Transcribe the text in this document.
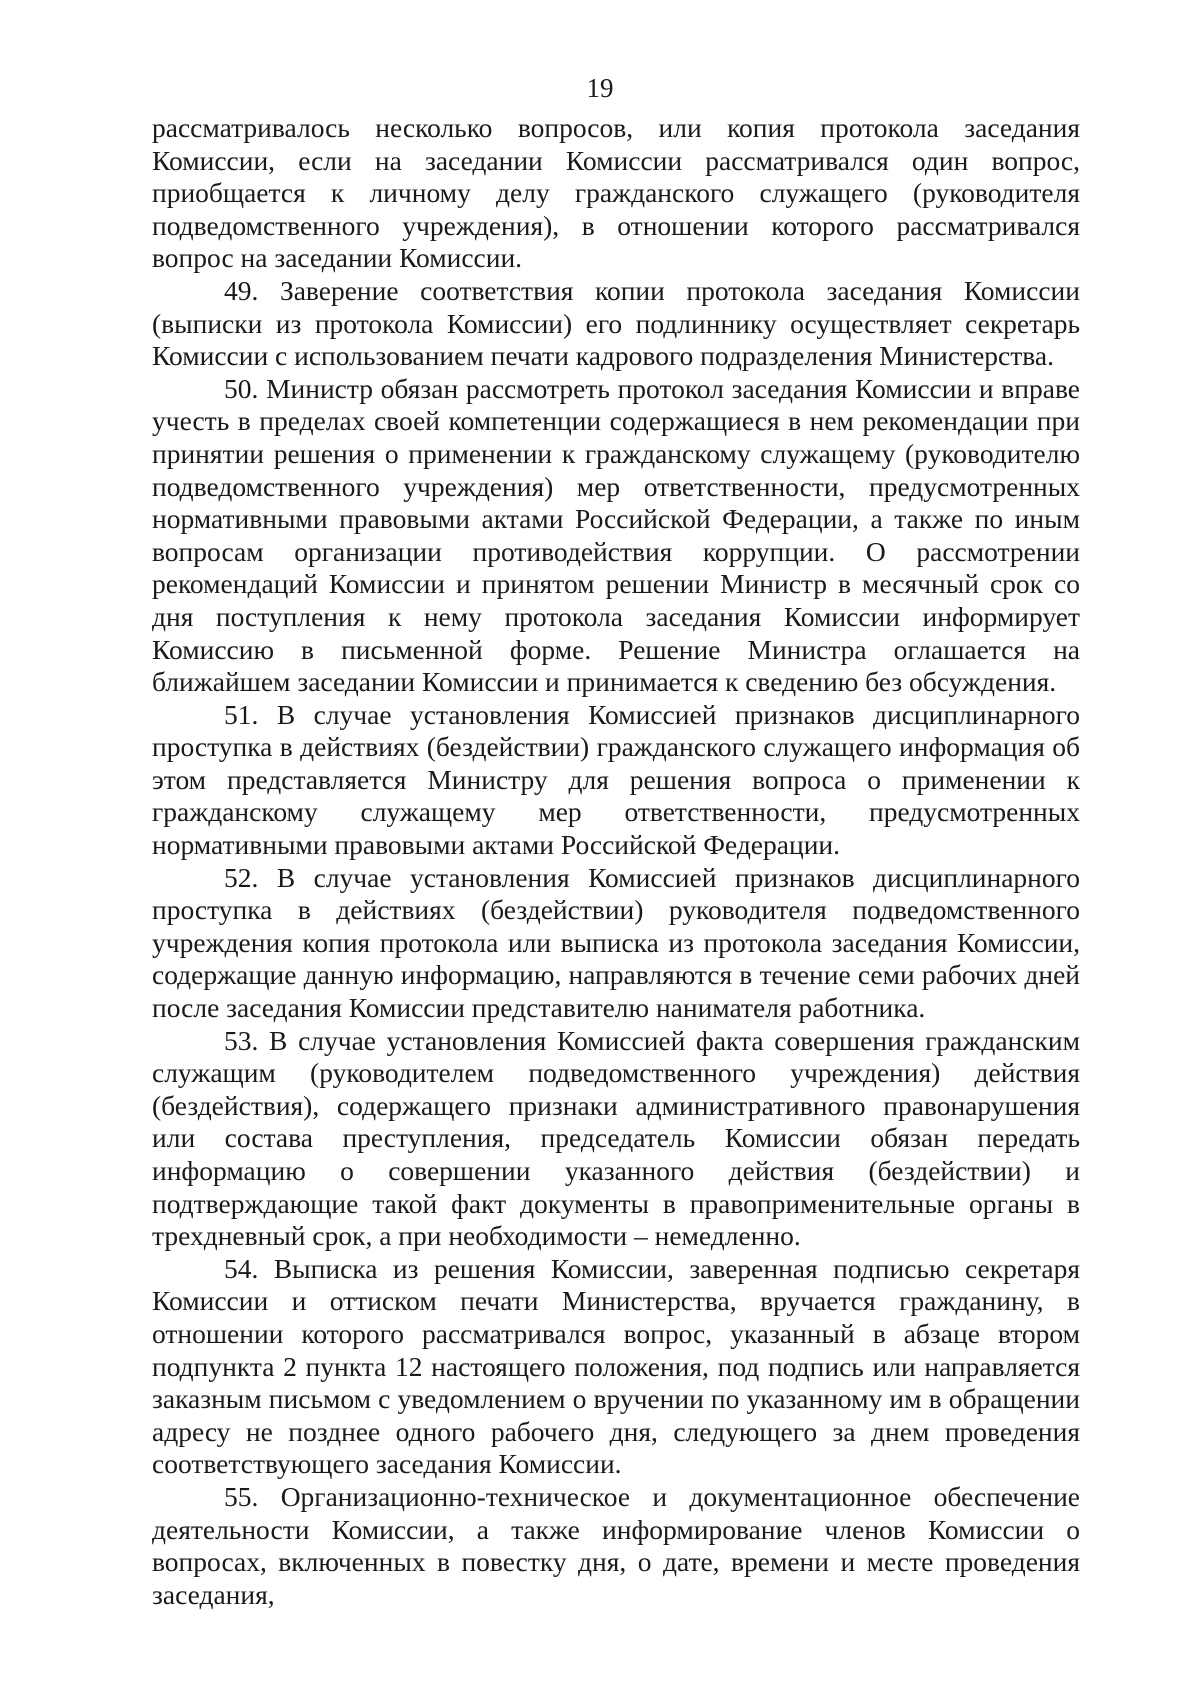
19

рассматривалось несколько вопросов, или копия протокола заседания Комиссии, если на заседании Комиссии рассматривался один вопрос, приобщается к личному делу гражданского служащего (руководителя подведомственного учреждения), в отношении которого рассматривался вопрос на заседании Комиссии.

49. Заверение соответствия копии протокола заседания Комиссии (выписки из протокола Комиссии) его подлиннику осуществляет секретарь Комиссии с использованием печати кадрового подразделения Министерства.

50. Министр обязан рассмотреть протокол заседания Комиссии и вправе учесть в пределах своей компетенции содержащиеся в нем рекомендации при принятии решения о применении к гражданскому служащему (руководителю подведомственного учреждения) мер ответственности, предусмотренных нормативными правовыми актами Российской Федерации, а также по иным вопросам организации противодействия коррупции. О рассмотрении рекомендаций Комиссии и принятом решении Министр в месячный срок со дня поступления к нему протокола заседания Комиссии информирует Комиссию в письменной форме. Решение Министра оглашается на ближайшем заседании Комиссии и принимается к сведению без обсуждения.

51. В случае установления Комиссией признаков дисциплинарного проступка в действиях (бездействии) гражданского служащего информация об этом представляется Министру для решения вопроса о применении к гражданскому служащему мер ответственности, предусмотренных нормативными правовыми актами Российской Федерации.

52. В случае установления Комиссией признаков дисциплинарного проступка в действиях (бездействии) руководителя подведомственного учреждения копия протокола или выписка из протокола заседания Комиссии, содержащие данную информацию, направляются в течение семи рабочих дней после заседания Комиссии представителю нанимателя работника.

53. В случае установления Комиссией факта совершения гражданским служащим (руководителем подведомственного учреждения) действия (бездействия), содержащего признаки административного правонарушения или состава преступления, председатель Комиссии обязан передать информацию о совершении указанного действия (бездействии) и подтверждающие такой факт документы в правоприменительные органы в трехдневный срок, а при необходимости – немедленно.

54. Выписка из решения Комиссии, заверенная подписью секретаря Комиссии и оттиском печати Министерства, вручается гражданину, в отношении которого рассматривался вопрос, указанный в абзаце втором подпункта 2 пункта 12 настоящего положения, под подпись или направляется заказным письмом с уведомлением о вручении по указанному им в обращении адресу не позднее одного рабочего дня, следующего за днем проведения соответствующего заседания Комиссии.

55. Организационно-техническое и документационное обеспечение деятельности Комиссии, а также информирование членов Комиссии о вопросах, включенных в повестку дня, о дате, времени и месте проведения заседания,
